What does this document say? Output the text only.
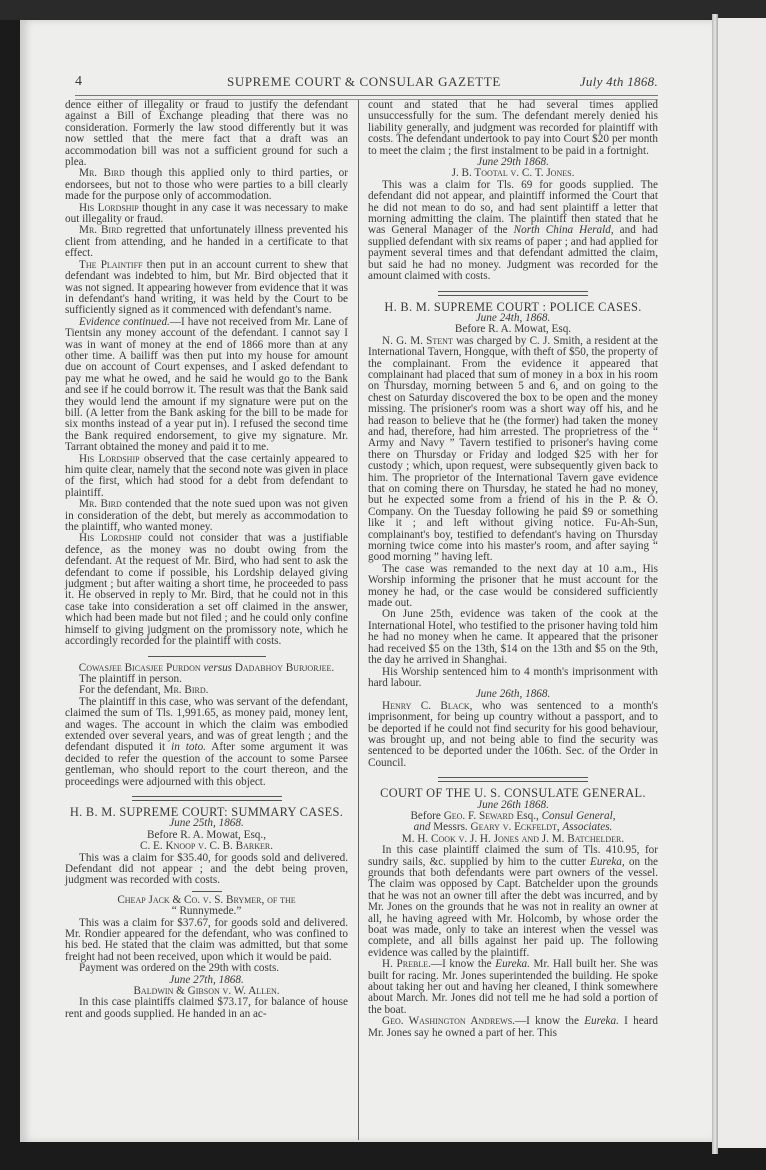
4	SUPREME COURT & CONSULAR GAZETTE	July 4th 1868.

dence either of illegality or fraud to justify the defendant against a Bill of Exchange pleading that there was no consideration. Formerly the law stood differently but it was now settled that the mere fact that a draft was an accommodation bill was not a sufficient ground for such a plea.

Mr. Bird though this applied only to third parties, or endorsees, but not to those who were parties to a bill clearly made for the purpose only of accommodation.

His Lordship thought in any case it was necessary to make out illegality or fraud.

Mr. Bird regretted that unfortunately illness prevented his client from attending, and he handed in a certificate to that effect.

The Plaintiff then put in an account current to shew that defendant was indebted to him, but Mr. Bird objected that it was not signed. It appearing however from evidence that it was in defendant's hand writing, it was held by the Court to be sufficiently signed as it commenced with defendant's name.

Evidence continued.—I have not received from Mr. Lane of Tientsin any money account of the defendant. I cannot say I was in want of money at the end of 1866 more than at any other time. A bailiff was then put into my house for amount due on account of Court expenses, and I asked defendant to pay me what he owed, and he said he would go to the Bank and see if he could borrow it. The result was that the Bank said they would lend the amount if my signature were put on the bill. (A letter from the Bank asking for the bill to be made for six months instead of a year put in). I refused the second time the Bank required endorsement, to give my signature. Mr. Tarrant obtained the money and paid it to me.

His Lordship observed that the case certainly appeared to him quite clear, namely that the second note was given in place of the first, which had stood for a debt from defendant to plaintiff.

Mr. Bird contended that the note sued upon was not given in consideration of the debt, but merely as accommodation to the plaintiff, who wanted money.

His Lordship could not consider that was a justifiable defence, as the money was no doubt owing from the defendant. At the request of Mr. Bird, who had sent to ask the defendant to come if possible, his Lordship delayed giving judgment ; but after waiting a short time, he proceeded to pass it. He observed in reply to Mr. Bird, that he could not in this case take into consideration a set off claimed in the answer, which had been made but not filed ; and he could only confine himself to giving judgment on the promissory note, which he accordingly recorded for the plaintiff with costs.

Cowasjee Bicasjee Purdon versus Dadabhoy Burjorjee.

The plaintiff in person.

For the defendant, Mr. Bird.

The plaintiff in this case, who was servant of the defendant, claimed the sum of Tls. 1,991.65, as money paid, money lent, and wages. The account in which the claim was embodied extended over several years, and was of great length ; and the defendant disputed it in toto. After some argument it was decided to refer the question of the account to some Parsee gentleman, who should report to the court thereon, and the proceedings were adjourned with this object.

H. B. M. SUPREME COURT: SUMMARY CASES.

June 25th, 1868.

Before R. A. Mowat, Esq.,

C. E. Knoop v. C. B. Barker.

This was a claim for $35.40, for goods sold and delivered. Defendant did not appear ; and the debt being proven, judgment was recorded with costs.

Cheap Jack & Co. v. S. Brymer, of the

“ Runnymede.”

This was a claim for $37.67, for goods sold and delivered. Mr. Rondier appeared for the defendant, who was confined to his bed. He stated that the claim was admitted, but that some freight had not been received, upon which it would be paid.

Payment was ordered on the 29th with costs.

June 27th, 1868.

Baldwin & Gibson v. W. Allen.

In this case plaintiffs claimed $73.17, for balance of house rent and goods supplied. He handed in an ac-

count and stated that he had several times applied unsuccessfully for the sum. The defendant merely denied his liability generally, and judgment was recorded for plaintiff with costs. The defendant undertook to pay into Court $20 per month to meet the claim ; the first instalment to be paid in a fortnight.

June 29th 1868.

J. B. Tootal v. C. T. Jones.

This was a claim for Tls. 69 for goods supplied. The defendant did not appear, and plaintiff informed the Court that he did not mean to do so, and had sent plaintiff a letter that morning admitting the claim. The plaintiff then stated that he was General Manager of the North China Herald, and had supplied defendant with six reams of paper ; and had applied for payment several times and that defendant admitted the claim, but said he had no money. Judgment was recorded for the amount claimed with costs.

H. B. M. SUPREME COURT : POLICE CASES.

June 24th, 1868.

Before R. A. Mowat, Esq.

N. G. M. Stent was charged by C. J. Smith, a resident at the International Tavern, Hongque, with theft of $50, the property of the complainant. From the evidence it appeared that complainant had placed that sum of money in a box in his room on Thursday, morning between 5 and 6, and on going to the chest on Saturday discovered the box to be open and the money missing. The prisioner's room was a short way off his, and he had reason to believe that he (the former) had taken the money and had, therefore, had him arrested. The proprietress of the “ Army and Navy ” Tavern testified to prisoner's having come there on Thursday or Friday and lodged $25 with her for custody ; which, upon request, were subsequently given back to him. The proprietor of the International Tavern gave evidence that on coming there on Thursday, he stated he had no money, but he expected some from a friend of his in the P. & O. Company. On the Tuesday following he paid $9 or something like it ; and left without giving notice. Fu-Ah-Sun, complainant's boy, testified to defendant's having on Thursday morning twice come into his master's room, and after saying “ good morning ” having left.

The case was remanded to the next day at 10 a.m., His Worship informing the prisoner that he must account for the money he had, or the case would be considered sufficiently made out.

On June 25th, evidence was taken of the cook at the International Hotel, who testified to the prisoner having told him he had no money when he came. It appeared that the prisoner had received $5 on the 13th, $14 on the 13th and $5 on the 9th, the day he arrived in Shanghai.

His Worship sentenced him to 4 month's imprisonment with hard labour.

June 26th, 1868.

Henry C. Black, who was sentenced to a month's imprisonment, for being up country without a passport, and to be deported if he could not find security for his good behaviour, was brought up, and not being able to find the security was sentenced to be deported under the 106th. Sec. of the Order in Council.

COURT OF THE U. S. CONSULATE GENERAL.

June 26th 1868.

Before Geo. F. Seward Esq., Consul General,

and Messrs. Geary v. Eckfeldt, Associates.

M. H. Cook v. J. H. Jones and J. M. Batchelder.

In this case plaintiff claimed the sum of Tls. 410.95, for sundry sails, &c. supplied by him to the cutter Eureka, on the grounds that both defendants were part owners of the vessel. The claim was opposed by Capt. Batchelder upon the grounds that he was not an owner till after the debt was incurred, and by Mr. Jones on the grounds that he was not in reality an owner at all, he having agreed with Mr. Holcomb, by whose order the boat was made, only to take an interest when the vessel was complete, and all bills against her paid up. The following evidence was called by the plaintiff.

H. Preble.—I know the Eureka. Mr. Hall built her. She was built for racing. Mr. Jones superintended the building. He spoke about taking her out and having her cleaned, I think somewhere about March. Mr. Jones did not tell me he had sold a portion of the boat.

Geo. Washington Andrews.—I know the Eureka. I heard Mr. Jones say he owned a part of her. This
